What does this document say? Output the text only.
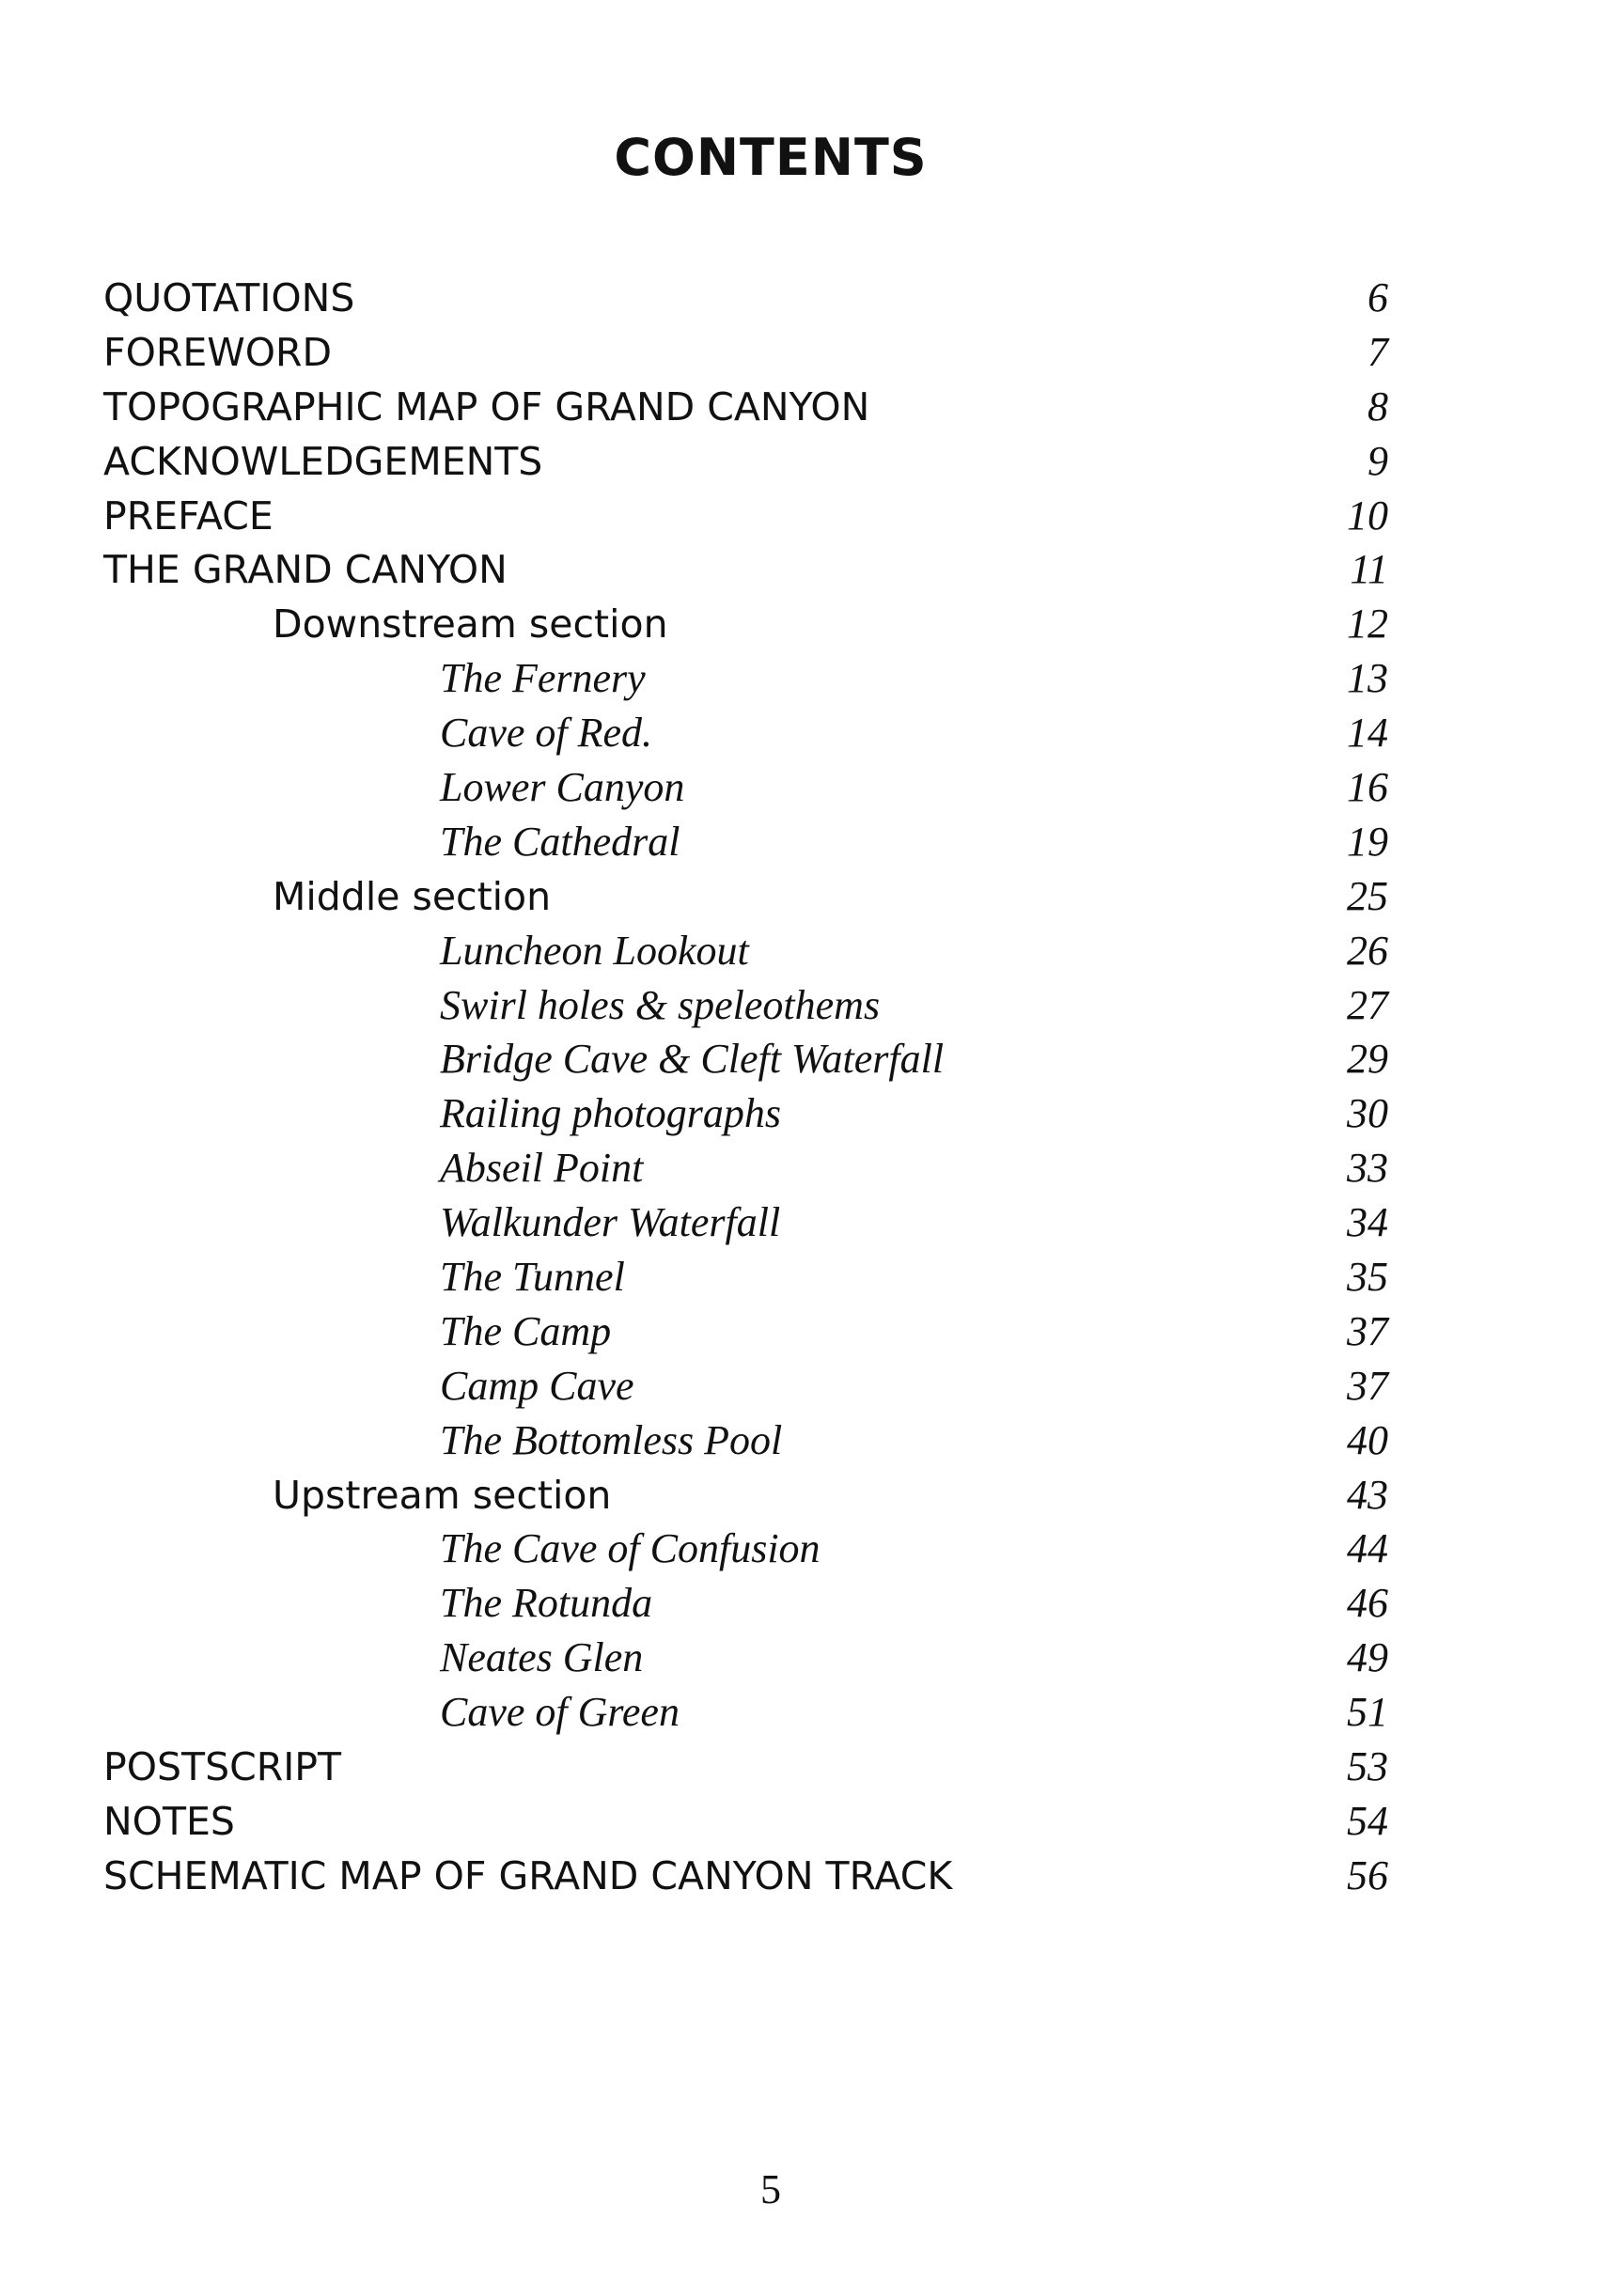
CONTENTS
QUOTATIONS	6
FOREWORD	7
TOPOGRAPHIC MAP OF GRAND CANYON	8
ACKNOWLEDGEMENTS	9
PREFACE	10
THE GRAND CANYON	11
Downstream section	12
The Fernery	13
Cave of Red.	14
Lower Canyon	16
The Cathedral	19
Middle section	25
Luncheon Lookout	26
Swirl holes & speleothems	27
Bridge Cave & Cleft Waterfall	29
Railing photographs	30
Abseil Point	33
Walkunder Waterfall	34
The Tunnel	35
The Camp	37
Camp Cave	37
The Bottomless Pool	40
Upstream section	43
The Cave of Confusion	44
The Rotunda	46
Neates Glen	49
Cave of Green	51
POSTSCRIPT	53
NOTES	54
SCHEMATIC MAP OF GRAND CANYON TRACK	56
5
